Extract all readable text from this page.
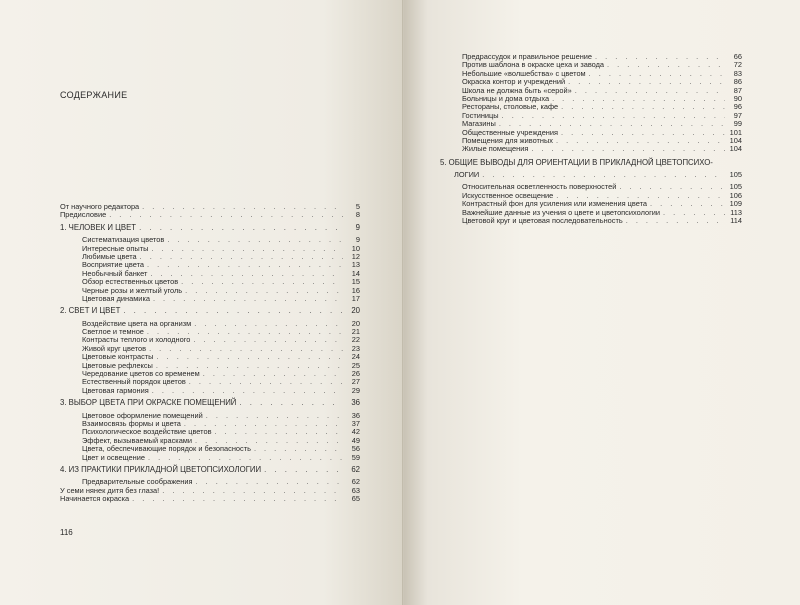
СОДЕРЖАНИЕ
От научного редактора . . .	5
Предисловие . . .	8
1. ЧЕЛОВЕК И ЦВЕТ . . .	9
Систематизация цветов . . .	9
Интересные опыты . . .	10
Любимые цвета . . .	12
Восприятие цвета . . .	13
Необычный банкет . . .	14
Обзор естественных цветов . . .	15
Черные розы и желтый уголь . . .	16
Цветовая динамика . . .	17
2. СВЕТ И ЦВЕТ . . .	20
Воздействие цвета на организм . . .	20
Светлое и темное . . .	21
Контрасты теплого и холодного . . .	22
Живой круг цветов . . .	23
Цветовые контрасты . . .	24
Цветовые рефлексы . . .	25
Чередование цветов со временем . . .	26
Естественный порядок цветов . . .	27
Цветовая гармония . . .	29
3. ВЫБОР ЦВЕТА ПРИ ОКРАСКЕ ПОМЕЩЕНИЙ . . .	36
Цветовое оформление помещений . . .	36
Взаимосвязь формы и цвета . . .	37
Психологическое воздействие цветов . . .	42
Эффект, вызываемый красками . . .	49
Цвета, обеспечивающие порядок и безопасность . . .	56
Цвет и освещение . . .	59
4. ИЗ ПРАКТИКИ ПРИКЛАДНОЙ ЦВЕТОПСИХОЛОГИИ . . .	62
Предварительные соображения . . .	62
У семи нянек дитя без глаза! . . .	63
Начинается окраска . . .	65

116

Предрассудок и правильное решение . . .	66
Против шаблона в окраске цеха и завода . . .	72
Небольшие «волшебства» с цветом . . .	83
Окраска контор и учреждений . . .	86
Школа не должна быть «серой» . . .	87
Больницы и дома отдыха . . .	90
Рестораны, столовые, кафе . . .	96
Гостиницы . . .	97
Магазины . . .	99
Общественные учреждения . . .	101
Помещения для животных . . .	104
Жилые помещения . . .	104
5. ОБЩИЕ ВЫВОДЫ ДЛЯ ОРИЕНТАЦИИ В ПРИКЛАДНОЙ ЦВЕТОПСИХО-
ЛОГИИ . . .	105
Относительная осветленность поверхностей . . .	105
Искусственное освещение . . .	106
Контрастный фон для усиления или изменения цвета . . .	109
Важнейшие данные из учения о цвете и цветопсихологии . . .	113
Цветовой круг и цветовая последовательность . . .	114
